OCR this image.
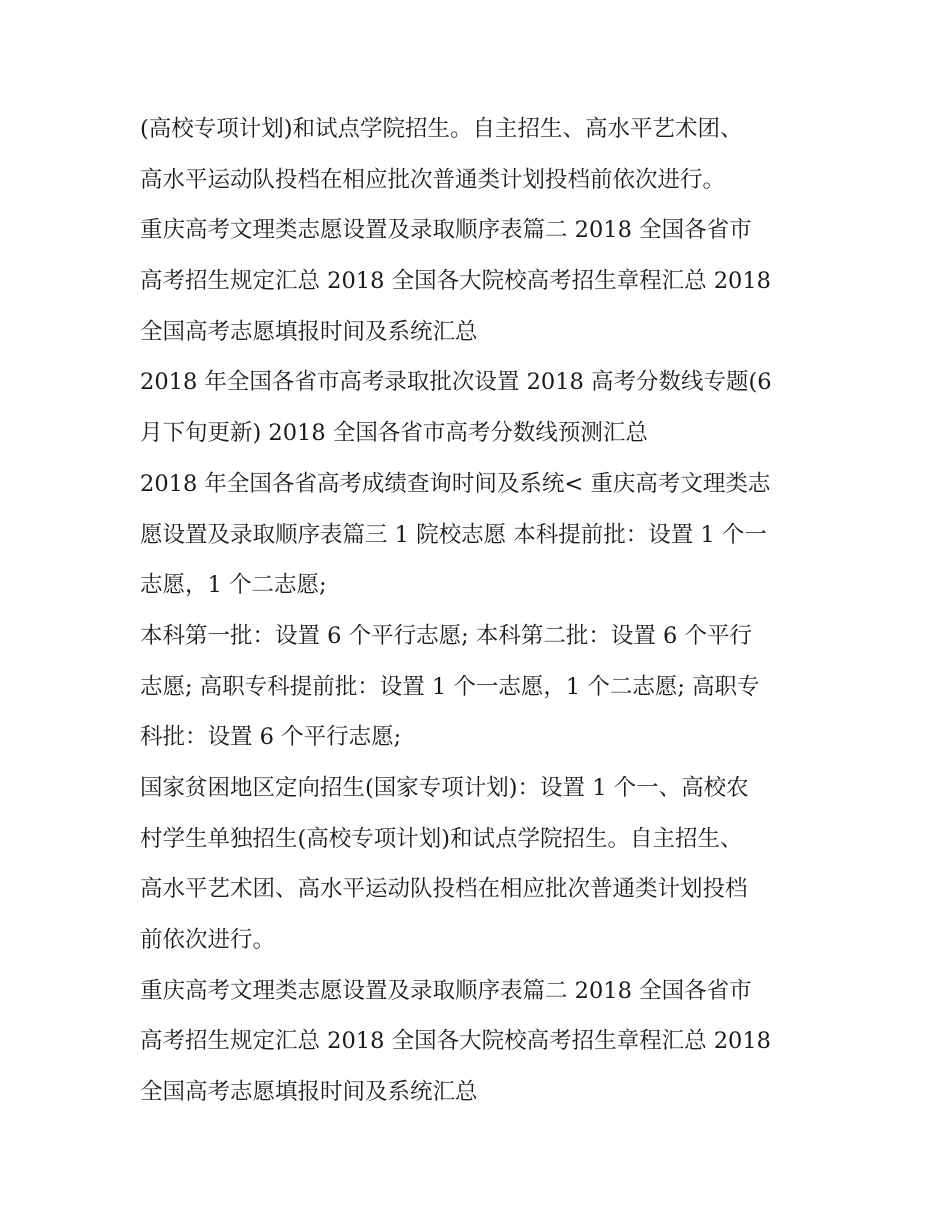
(高校专项计划)和试点学院招生。自主招生、高水平艺术团、
高水平运动队投档在相应批次普通类计划投档前依次进行。
重庆高考文理类志愿设置及录取顺序表篇二 2018 全国各省市
高考招生规定汇总 2018 全国各大院校高考招生章程汇总 2018
全国高考志愿填报时间及系统汇总
2018 年全国各省市高考录取批次设置 2018 高考分数线专题(6
月下旬更新) 2018 全国各省市高考分数线预测汇总
2018 年全国各省高考成绩查询时间及系统< 重庆高考文理类志
愿设置及录取顺序表篇三 1 院校志愿 本科提前批：设置 1 个一
志愿，1 个二志愿;
本科第一批：设置 6 个平行志愿; 本科第二批：设置 6 个平行
志愿; 高职专科提前批：设置 1 个一志愿，1 个二志愿; 高职专
科批：设置 6 个平行志愿;
国家贫困地区定向招生(国家专项计划)：设置 1 个一、高校农
村学生单独招生(高校专项计划)和试点学院招生。自主招生、
高水平艺术团、高水平运动队投档在相应批次普通类计划投档
前依次进行。
重庆高考文理类志愿设置及录取顺序表篇二 2018 全国各省市
高考招生规定汇总 2018 全国各大院校高考招生章程汇总 2018
全国高考志愿填报时间及系统汇总
